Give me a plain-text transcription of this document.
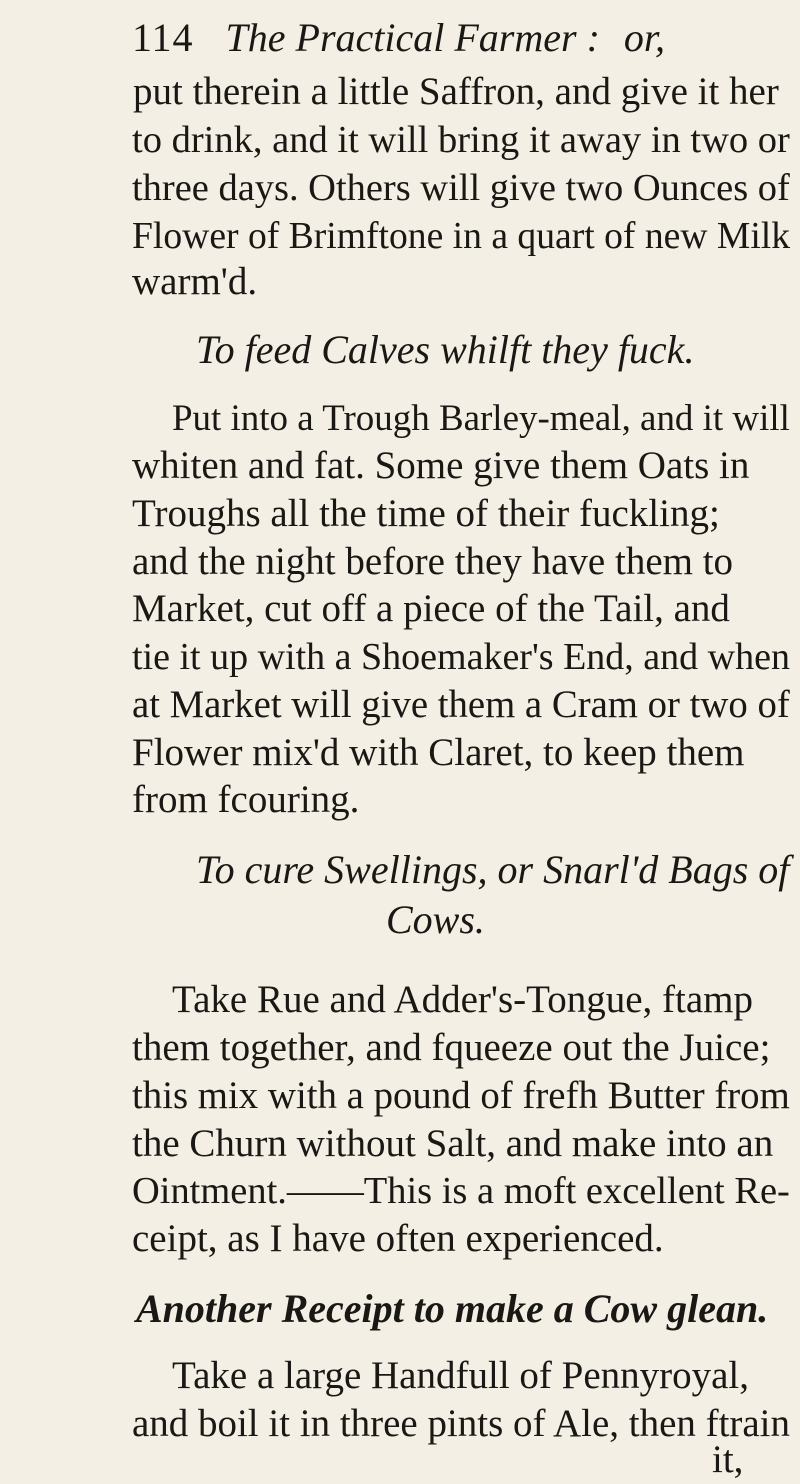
114 The Practical Farmer : or,
put therein a little Saffron, and give it her
to drink, and it will bring it away in two or
three days. Others will give two Ounces of
Flower of Brimftone in a quart of new Milk
warm'd.
To feed Calves whilft they fuck.
Put into a Trough Barley-meal, and it will
whiten and fat. Some give them Oats in
Troughs all the time of their fuckling;
and the night before they have them to
Market, cut off a piece of the Tail, and
tie it up with a Shoemaker's End, and when
at Market will give them a Cram or two of
Flower mix'd with Claret, to keep them
from fcouring.
To cure Swellings, or Snarl'd Bags of
Cows.
Take Rue and Adder's-Tongue, ftamp
them together, and fqueeze out the Juice;
this mix with a pound of frefh Butter from
the Churn without Salt, and make into an
Ointment.——This is a moft excellent Re-
ceipt, as I have often experienced.
Another Receipt to make a Cow glean.
Take a large Handfull of Pennyroyal,
and boil it in three pints of Ale, then ftrain
it,
